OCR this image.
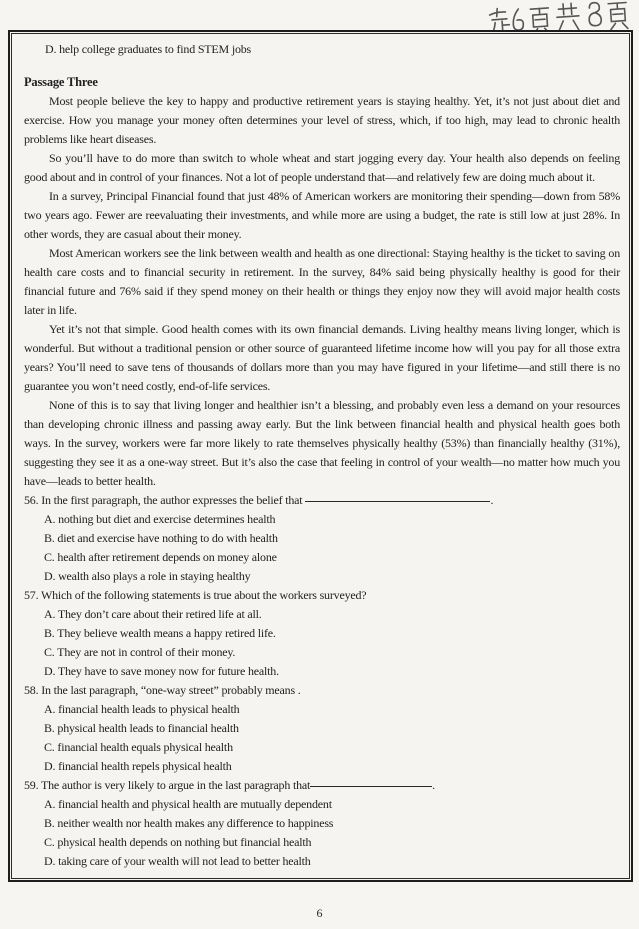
D. help college graduates to find STEM jobs
Passage Three

Most people believe the key to happy and productive retirement years is staying healthy. Yet, it’s not just about diet and exercise. How you manage your money often determines your level of stress, which, if too high, may lead to chronic health problems like heart diseases.

So you’ll have to do more than switch to whole wheat and start jogging every day. Your health also depends on feeling good about and in control of your finances. Not a lot of people understand that—and relatively few are doing much about it.

In a survey, Principal Financial found that just 48% of American workers are monitoring their spending—down from 58% two years ago. Fewer are reevaluating their investments, and while more are using a budget, the rate is still low at just 28%. In other words, they are casual about their money.

Most American workers see the link between wealth and health as one directional: Staying healthy is the ticket to saving on health care costs and to financial security in retirement. In the survey, 84% said being physically healthy is good for their financial future and 76% said if they spend money on their health or things they enjoy now they will avoid major health costs later in life.

Yet it’s not that simple. Good health comes with its own financial demands. Living healthy means living longer, which is wonderful. But without a traditional pension or other source of guaranteed lifetime income how will you pay for all those extra years? You’ll need to save tens of thousands of dollars more than you may have figured in your lifetime—and still there is no guarantee you won’t need costly, end-of-life services.

None of this is to say that living longer and healthier isn’t a blessing, and probably even less a demand on your resources than developing chronic illness and passing away early. But the link between financial health and physical health goes both ways. In the survey, workers were far more likely to rate themselves physically healthy (53%) than financially healthy (31%), suggesting they see it as a one-way street. But it’s also the case that feeling in control of your wealth—no matter how much you have—leads to better health.

56. In the first paragraph, the author expresses the belief that	.
A. nothing but diet and exercise determines health
B. diet and exercise have nothing to do with health
C. health after retirement depends on money alone
D. wealth also plays a role in staying healthy
57. Which of the following statements is true about the workers surveyed?
A. They don’t care about their retired life at all.
B. They believe wealth means a happy retired life.
C. They are not in control of their money.
D. They have to save money now for future health.
58. In the last paragraph, “one-way street” probably means .
A. financial health leads to physical health
B. physical health leads to financial health
C. financial health equals physical health
D. financial health repels physical health
59. The author is very likely to argue in the last paragraph that	.
A. financial health and physical health are mutually dependent
B. neither wealth nor health makes any difference to happiness
C. physical health depends on nothing but financial health
D. taking care of your wealth will not lead to better health
6
